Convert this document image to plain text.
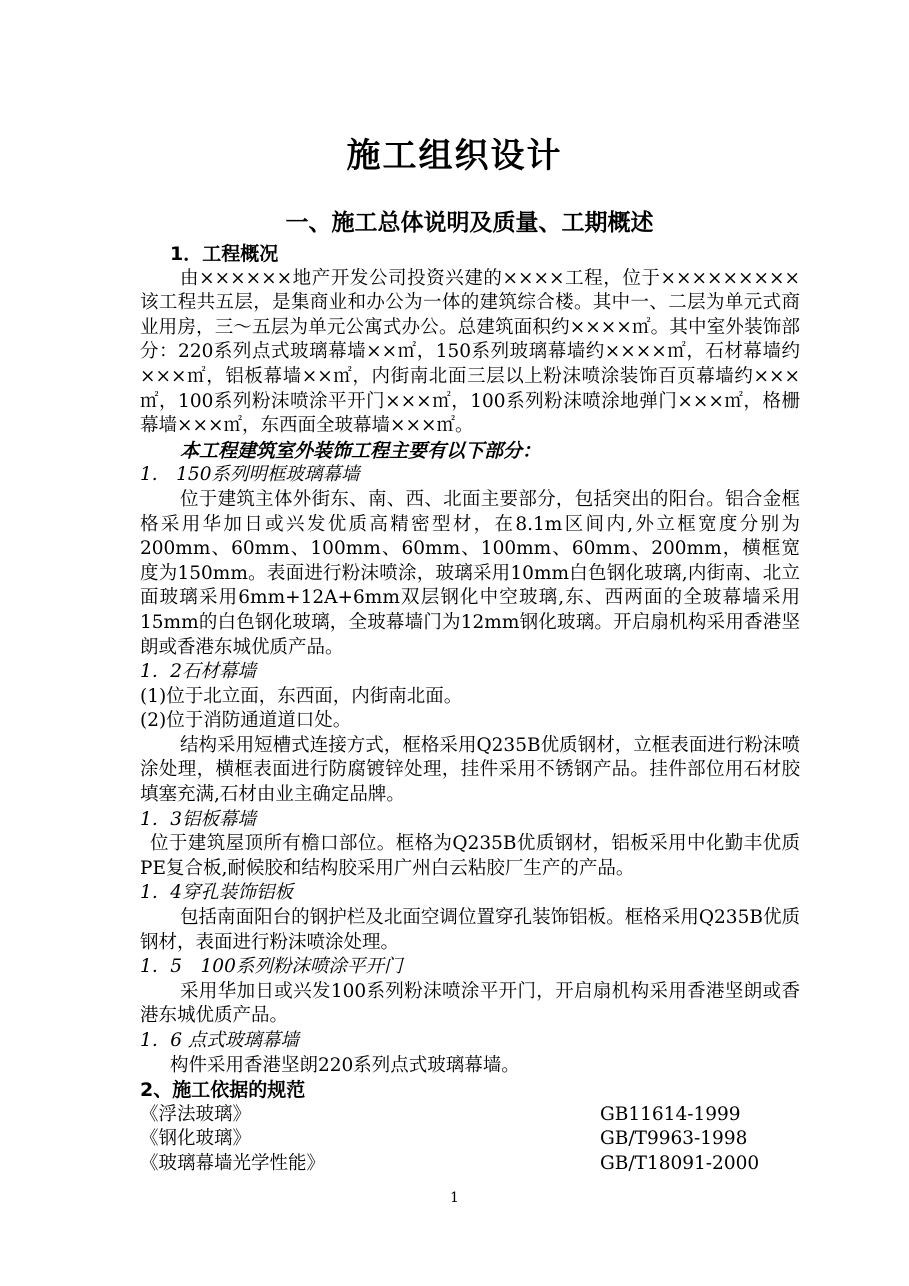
施工组织设计
一、施工总体说明及质量、工期概述

1．工程概况

由××××××地产开发公司投资兴建的××××工程，位于×××××××××该工程共五层，是集商业和办公为一体的建筑综合楼。其中一、二层为单元式商业用房，三～五层为单元公寓式办公。总建筑面积约××××㎡。其中室外装饰部分：220系列点式玻璃幕墙××㎡，150系列玻璃幕墙约××××㎡，石材幕墙约×××㎡，铝板幕墙××㎡，内街南北面三层以上粉沫喷涂装饰百页幕墙约×××㎡，100系列粉沫喷涂平开门×××㎡，100系列粉沫喷涂地弹门×××㎡，格栅幕墙×××㎡，东西面全玻幕墙×××㎡。

本工程建筑室外装饰工程主要有以下部分：

1.　150系列明框玻璃幕墙

位于建筑主体外街东、南、西、北面主要部分，包括突出的阳台。铝合金框格采用华加日或兴发优质高精密型材，在8.1m区间内,外立框宽度分别为200mm、60mm、100mm、60mm、100mm、60mm、200mm，横框宽度为150mm。表面进行粉沫喷涂，玻璃采用10mm白色钢化玻璃,内街南、北立面玻璃采用6mm+12A+6mm双层钢化中空玻璃,东、西两面的全玻幕墙采用15mm的白色钢化玻璃，全玻幕墙门为12mm钢化玻璃。开启扇机构采用香港坚朗或香港东城优质产品。

1．2石材幕墙

(1)位于北立面，东西面，内街南北面。

(2)位于消防通道道口处。

结构采用短槽式连接方式，框格采用Q235B优质钢材，立框表面进行粉沫喷涂处理，横框表面进行防腐镀锌处理，挂件采用不锈钢产品。挂件部位用石材胶填塞充满,石材由业主确定品牌。

1．3铝板幕墙

位于建筑屋顶所有檐口部位。框格为Q235B优质钢材，铝板采用中化勤丰优质PE复合板,耐候胶和结构胶采用广州白云粘胶厂生产的产品。

1．4穿孔装饰铝板

包括南面阳台的钢护栏及北面空调位置穿孔装饰铝板。框格采用Q235B优质钢材，表面进行粉沫喷涂处理。

1．5　100系列粉沫喷涂平开门

采用华加日或兴发100系列粉沫喷涂平开门，开启扇机构采用香港坚朗或香港东城优质产品。

1．6 点式玻璃幕墙

构件采用香港坚朗220系列点式玻璃幕墙。

2、施工依据的规范

《浮法玻璃》	GB11614-1999

《钢化玻璃》	GB/T9963-1998

《玻璃幕墙光学性能》	GB/T18091-2000

1
